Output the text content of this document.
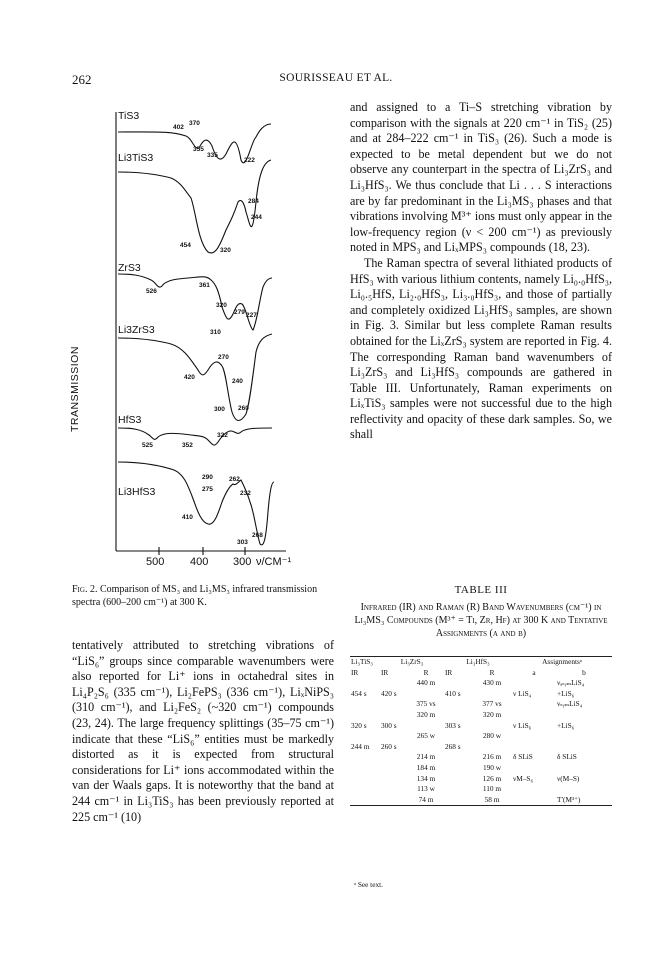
262	SOURISSEAU ET AL.
TiS3
Li3TiS3
ZrS3
Li3ZrS3
HfS3
Li3HfS3
TRANSMISSION
500 400 300 ν/CM⁻¹
402
370
355
335
222
284
244
454
320
526
361
320
279
310
227
270
240
420
300 260
525	352
322
290
275
262
232
410
268
303
Fig. 2. Comparison of MS₃ and Li₃MS₃ infrared transmission spectra (600–200 cm⁻¹) at 300 K.

and assigned to a Ti–S stretching vibration by comparison with the signals at 220 cm⁻¹ in TiS₂ (25) and at 284–222 cm⁻¹ in TiS₃ (26). Such a mode is expected to be metal dependent but we do not observe any counterpart in the spectra of Li₃ZrS₃ and Li₃HfS₃. We thus conclude that Li . . . S interactions are by far predominant in the Li₃MS₃ phases and that vibrations involving M³⁺ ions must only appear in the low-frequency region (ν < 200 cm⁻¹) as previously noted in MPS₃ and LiₓMPS₃ compounds (18, 23).

The Raman spectra of several lithiated products of HfS₃ with various lithium contents, namely Li₀.₀HfS₃, Li₀.₅HfS, Li₂.₀HfS₃, Li₃.₀HfS₃, and those of partially and completely oxidized Li₃HfS₃ samples, are shown in Fig. 3. Similar but less complete Raman results obtained for the LiₓZrS₃ system are reported in Fig. 4. The corresponding Raman band wavenumbers of Li₃ZrS₃ and Li₃HfS₃ compounds are gathered in Table III. Unfortunately, Raman experiments on LiₓTiS₃ samples were not successful due to the high reflectivity and opacity of these dark samples. So, we shall

tentatively attributed to stretching vibrations of “LiS₆” groups since comparable wavenumbers were also reported for Li⁺ ions in octahedral sites in Li₄P₂S₆ (335 cm⁻¹), Li₂FePS₃ (336 cm⁻¹), LiₓNiPS₃ (310 cm⁻¹), and Li₂FeS₂ (~320 cm⁻¹) compounds (23, 24). The large frequency splittings (35–75 cm⁻¹) indicate that these “LiS₆” entities must be markedly distorted as it is expected from structural considerations for Li⁺ ions accommodated within the van der Waals gaps. It is noteworthy that the band at 244 cm⁻¹ in Li₃TiS₃ has been previously reported at 225 cm⁻¹ (10)

TABLE III
Infrared (IR) and Raman (R) Band Wavenumbers (cm⁻¹) in Li₃MS₃ Compounds (M³⁺ = Ti, Zr, Hf) at 300 K and Tentative Assignments (a and b)
Li₃TiS₃	Li₃ZrS₃		Li₃HfS₃		Assignmentsᵃ	
IR	IR	R	IR	R	a	b
		440 m		430 m		νₐₛᵧₘLiS₄
454 s	420 s		410 s		ν LiS₄	+LiS₆
		375 vs		377 vs		νₛᵧₘLiS₄
		320 m		320 m		
320 s	300 s		303 s		ν LiS₆	+LiS₆
		265 w		280 w		
244 m	260 s		268 s			
		214 m		216 m	δ SLiS	δ SLiS
		184 m		190 w		
		134 m		126 m	νM–S₆	ν(M–S)
		113 w		110 m		
		74 m		58 m		T′(M³⁺)

ᵃ See text.
